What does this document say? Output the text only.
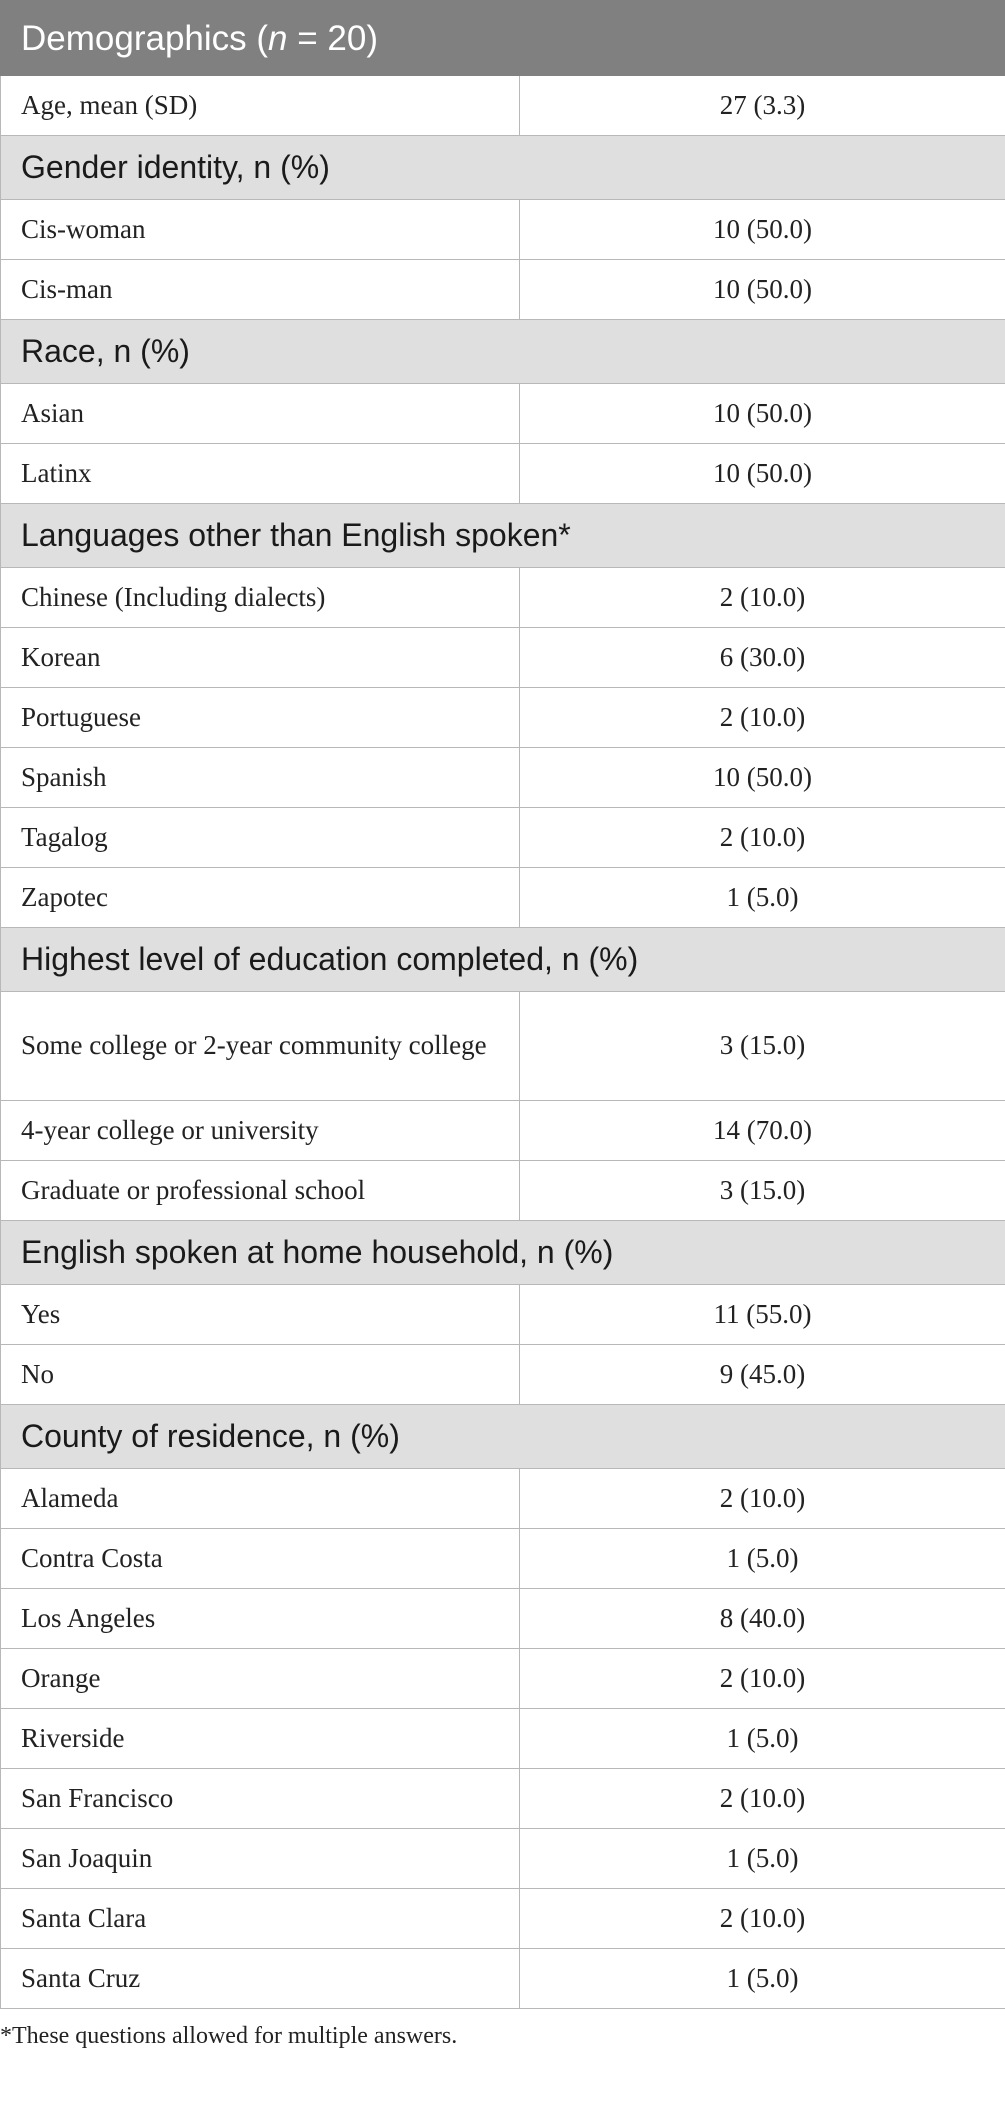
Demographics (n = 20)	
Age, mean (SD)	27 (3.3)
Gender identity, n (%)	
Cis-woman	10 (50.0)
Cis-man	10 (50.0)
Race, n (%)	
Asian	10 (50.0)
Latinx	10 (50.0)
Languages other than English spoken*	
Chinese (Including dialects)	2 (10.0)
Korean	6 (30.0)
Portuguese	2 (10.0)
Spanish	10 (50.0)
Tagalog	2 (10.0)
Zapotec	1 (5.0)
Highest level of education completed, n (%)	
Some college or 2-year community college	3 (15.0)
4-year college or university	14 (70.0)
Graduate or professional school	3 (15.0)
English spoken at home household, n (%)	
Yes	11 (55.0)
No	9 (45.0)
County of residence, n (%)	
Alameda	2 (10.0)
Contra Costa	1 (5.0)
Los Angeles	8 (40.0)
Orange	2 (10.0)
Riverside	1 (5.0)
San Francisco	2 (10.0)
San Joaquin	1 (5.0)
Santa Clara	2 (10.0)
Santa Cruz	1 (5.0)
*These questions allowed for multiple answers.
